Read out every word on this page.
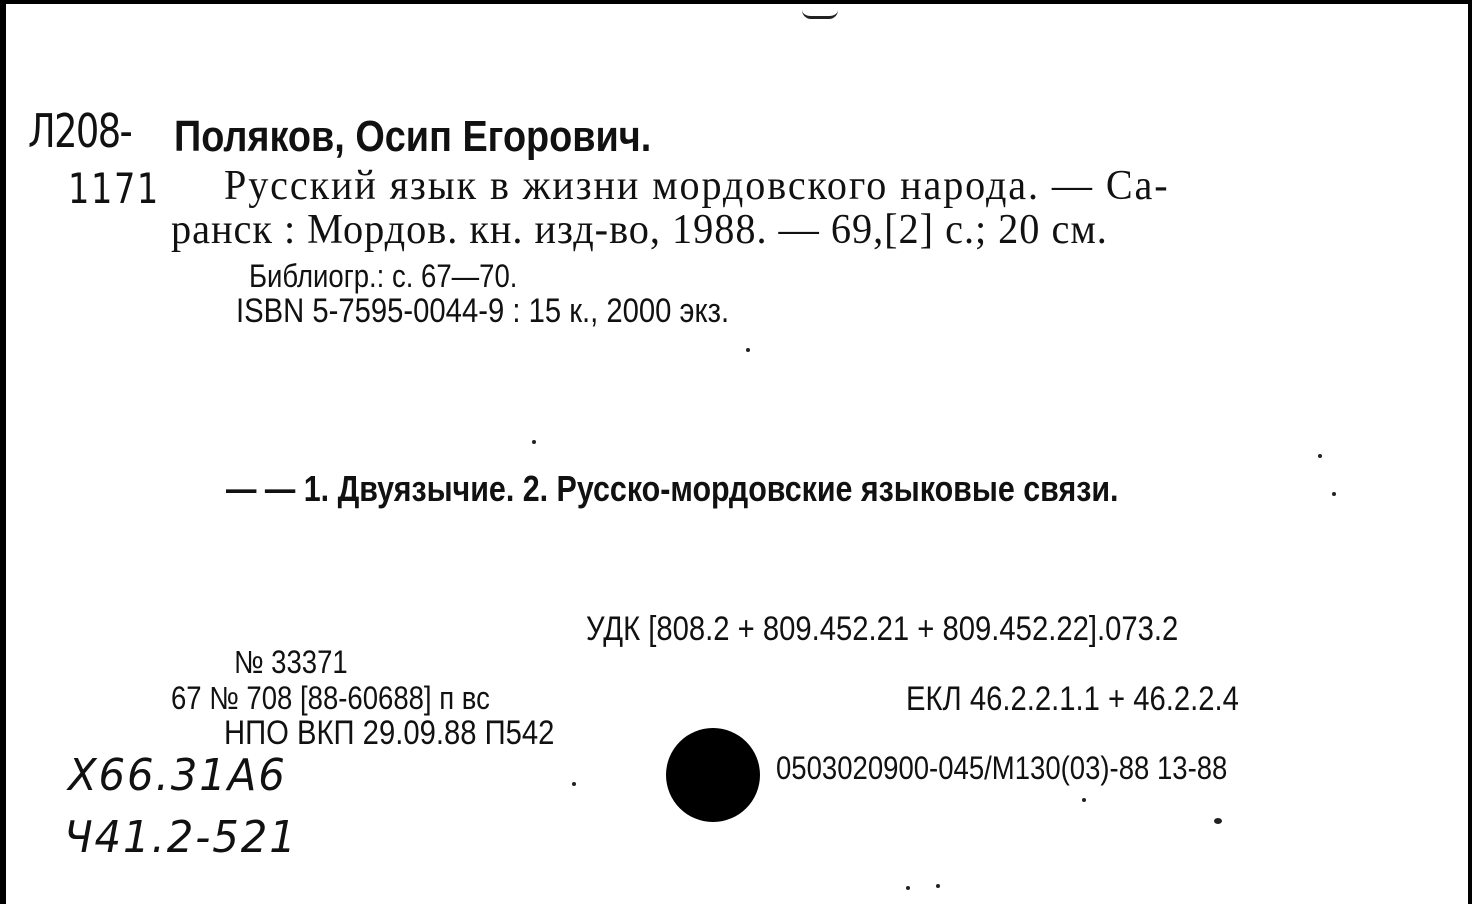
Л208-
1171
Поляков, Осип Егорович.
Русский язык в жизни мордовского народа. — Са-
ранск : Мордов. кн. изд-во, 1988. — 69,[2] с.; 20 см.
Библиогр.: с. 67—70.
ISBN 5-7595-0044-9 : 15 к., 2000 экз.
— — 1. Двуязычие. 2. Русско-мордовские языковые связи.
УДК [808.2 + 809.452.21 + 809.452.22].073.2
№ 33371
67 № 708 [88-60688] п вс
НПО ВКП 29.09.88 П542
ЕКЛ 46.2.2.1.1 + 46.2.2.4
0503020900-045/М130(03)-88 13-88
Х66.31А6
Ч41.2-521
